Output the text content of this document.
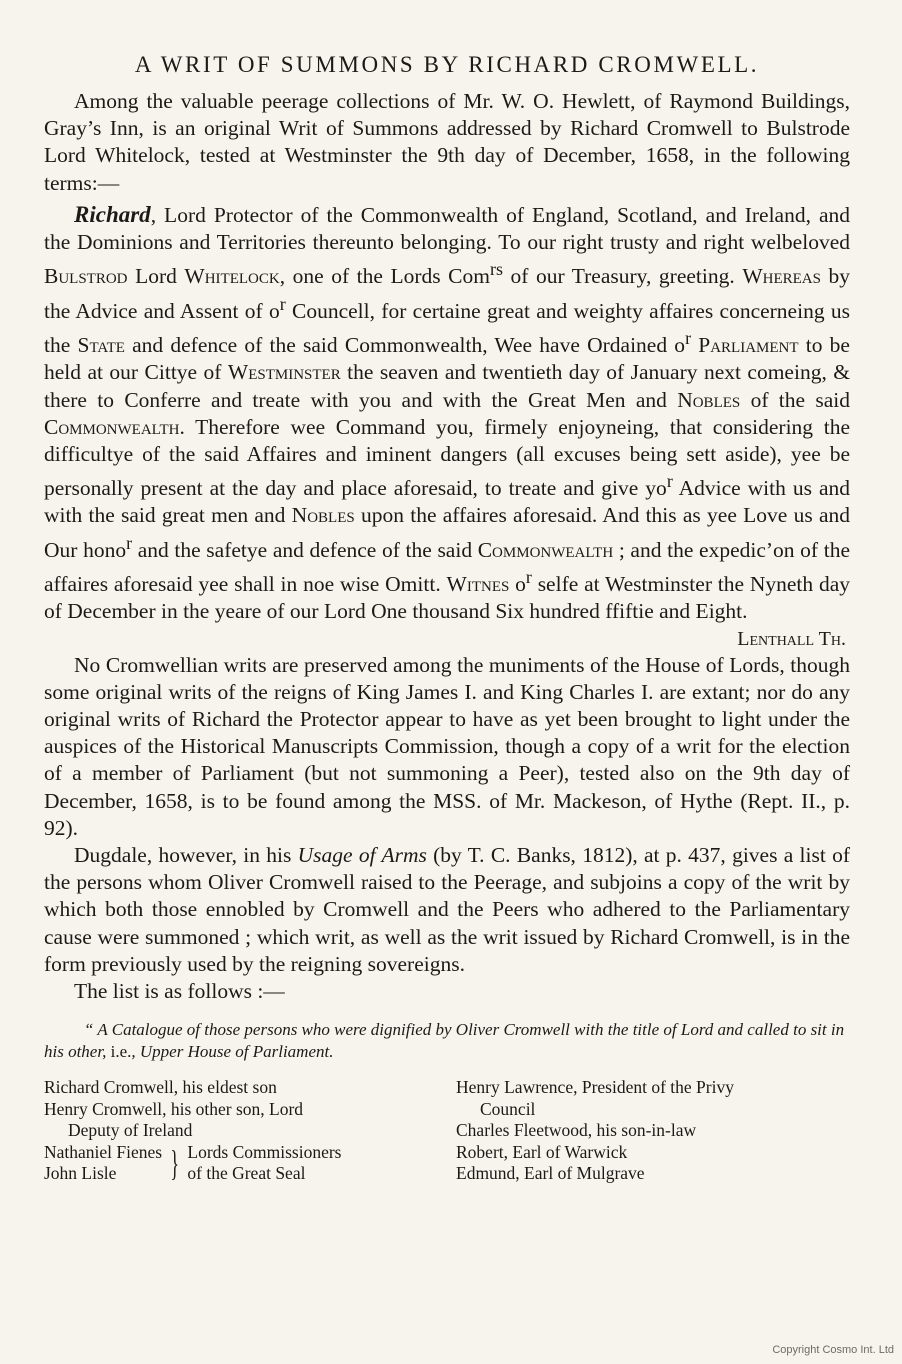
A WRIT OF SUMMONS BY RICHARD CROMWELL.

Among the valuable peerage collections of Mr. W. O. Hewlett, of Raymond Buildings, Gray’s Inn, is an original Writ of Summons addressed by Richard Cromwell to Bulstrode Lord Whitelock, tested at Westminster the 9th day of December, 1658, in the following terms:—

Richard, Lord Protector of the Commonwealth of England, Scotland, and Ireland, and the Dominions and Territories thereunto belonging. To our right trusty and right welbeloved Bulstrod Lord Whitelock, one of the Lords Com$^{rs}$ of our Treasury, greeting. Whereas by the Advice and Assent of $o^r$ Councell, for certaine great and weighty affaires concerneing us the State and defence of the said Commonwealth, Wee have Ordained $o^r$ Parliament to be held at our Cittye of Westminster the seaven and twentieth day of January next comeing, & there to Conferre and treate with you and with the Great Men and Nobles of the said Commonwealth. Therefore wee Command you, firmely enjoyneing, that considering the difficultye of the said Affaires and iminent dangers (all excuses being sett aside), yee be personally present at the day and place aforesaid, to treate and give $yo^r$ Advice with us and with the said great men and Nobles upon the affaires aforesaid. And this as yee Love us and Our hono$^r$ and the safetye and defence of the said Commonwealth ; and the expedic’on of the affaires aforesaid yee shall in noe wise Omitt. Witnes $o^r$ selfe at Westminster the Nyneth day of December in the yeare of our Lord One thousand Six hundred ffiftie and Eight.

Lenthall Th.

No Cromwellian writs are preserved among the muniments of the House of Lords, though some original writs of the reigns of King James I. and King Charles I. are extant; nor do any original writs of Richard the Protector appear to have as yet been brought to light under the auspices of the Historical Manuscripts Commission, though a copy of a writ for the election of a member of Parliament (but not summoning a Peer), tested also on the 9th day of December, 1658, is to be found among the MSS. of Mr. Mackeson, of Hythe (Rept. II., p. 92).

Dugdale, however, in his Usage of Arms (by T. C. Banks, 1812), at p. 437, gives a list of the persons whom Oliver Cromwell raised to the Peerage, and subjoins a copy of the writ by which both those ennobled by Cromwell and the Peers who adhered to the Parliamentary cause were summoned ; which writ, as well as the writ issued by Richard Cromwell, is in the form previously used by the reigning sovereigns.

The list is as follows :—

“ A Catalogue of those persons who were dignified by Oliver Cromwell with the title of Lord and called to sit in his other, i.e., Upper House of Parliament.

Richard Cromwell, his eldest son
Henry Cromwell, his other son, Lord
Deputy of Ireland
Nathaniel Fienes
John Lisle	} Lords Commissioners
of the Great Seal
Henry Lawrence, President of the Privy
Council
Charles Fleetwood, his son-in-law
Robert, Earl of Warwick
Edmund, Earl of Mulgrave
Copyright Cosmo Int. Ltd
